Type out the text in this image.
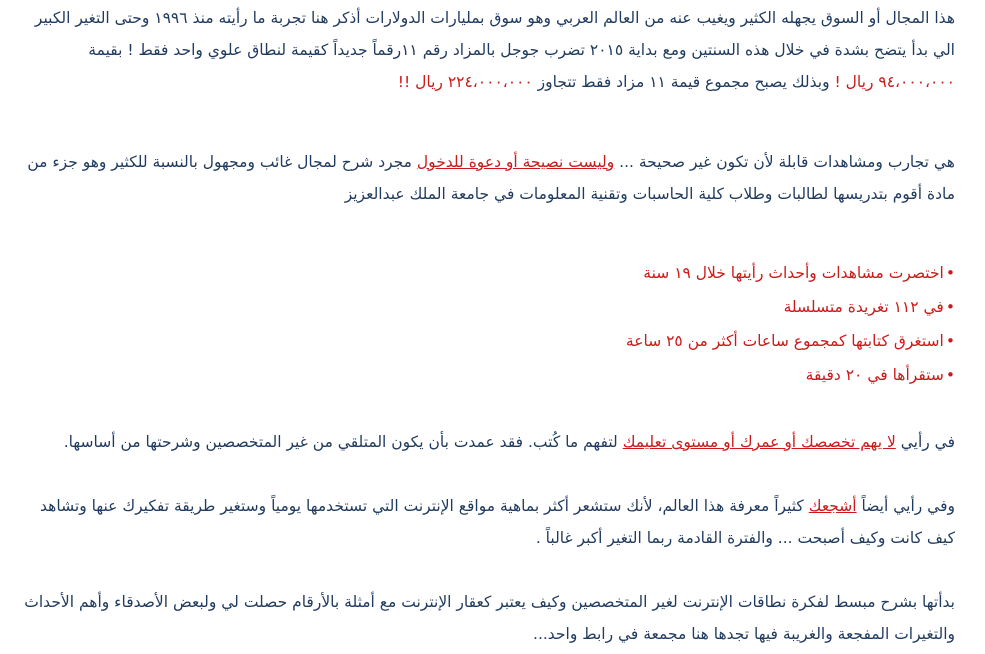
هذا المجال أو السوق يجهله الكثير ويغيب عنه من العالم العربي وهو سوق بمليارات الدولارات أذكر هنا تجربة ما رأيته منذ ١٩٩٦ وحتى التغير الكبير الي بدأ يتضح بشدة في خلال هذه السنتين ومع بداية ٢٠١٥ تضرب جوجل بالمزاد رقم ١١رقماً جديداً كقيمة لنطاق علوي واحد فقط ! بقيمة ٩٤،٠٠٠،٠٠٠ ريال ! وبذلك يصبح مجموع قيمة ١١ مزاد فقط تتجاوز ٢٢٤،٠٠٠،٠٠٠ ريال !!

هي تجارب ومشاهدات قابلة لأن تكون غير صحيحة ... وليست نصيحة أو دعوة للدخول مجرد شرح لمجال غائب ومجهول بالنسبة للكثير وهو جزء من مادة أقوم بتدريسها لطالبات وطلاب كلية الحاسبات وتقنية المعلومات في جامعة الملك عبدالعزيز

•اختصرت مشاهدات وأحداث رأيتها خلال ١٩ سنة
•في ١١٢ تغريدة متسلسلة
•استغرق كتابتها كمجموع ساعات أكثر من ٢٥ ساعة
•ستقرأها في ٢٠ دقيقة

في رأيي لا يهم تخصصك أو عمرك أو مستوى تعليمك لتفهم ما كُتب. فقد عمدت بأن يكون المتلقي من غير المتخصصين وشرحتها من أساسها.

وفي رأيي أيضاً أشجعك كثيراً معرفة هذا العالم، لأنك ستشعر أكثر بماهية مواقع الإنترنت التي تستخدمها يومياً وستغير طريقة تفكيرك عنها وتشاهد كيف كانت وكيف أصبحت ... والفترة القادمة ربما التغير أكبر غالباً .

بدأتها بشرح مبسط لفكرة نطاقات الإنترنت لغير المتخصصين وكيف يعتبر كعقار الإنترنت مع أمثلة بالأرقام حصلت لي ولبعض الأصدقاء وأهم الأحداث والتغيرات المفجعة والغريبة فيها تجدها هنا مجمعة في رابط واحد...
